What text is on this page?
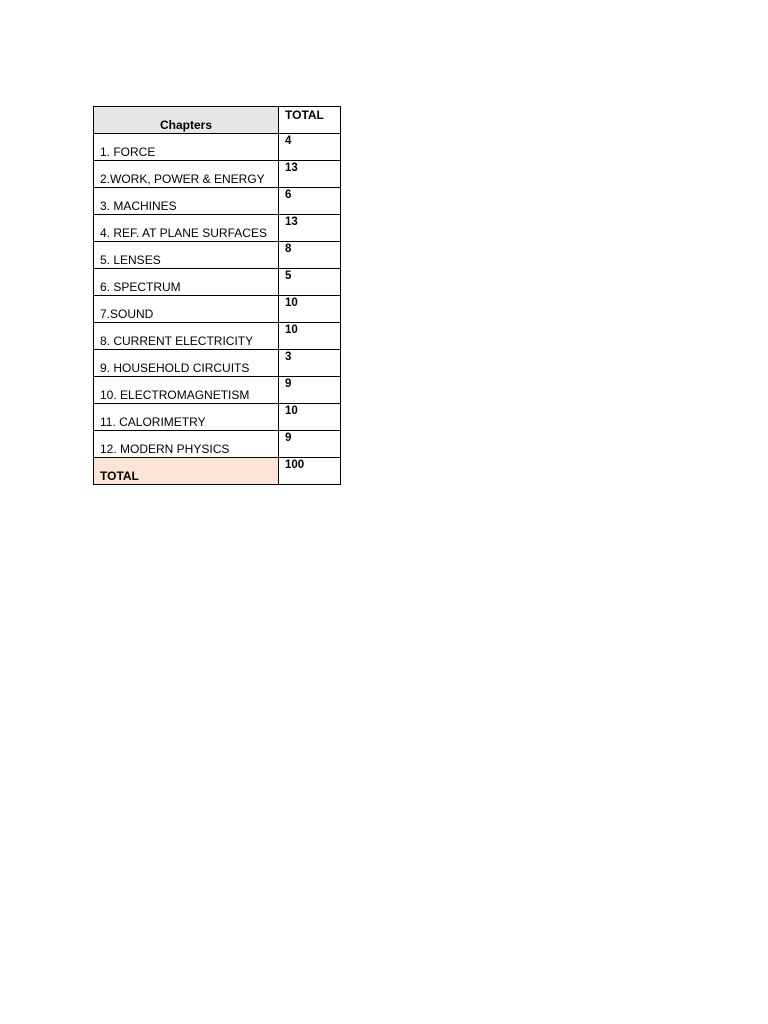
Chapters	TOTAL
1. FORCE	4
2.WORK, POWER & ENERGY	13
3. MACHINES	6
4. REF. AT PLANE SURFACES	13
5. LENSES	8
6. SPECTRUM	5
7.SOUND	10
8. CURRENT ELECTRICITY	10
9. HOUSEHOLD CIRCUITS	3
10. ELECTROMAGNETISM	9
11. CALORIMETRY	10
12. MODERN PHYSICS	9
TOTAL	100
